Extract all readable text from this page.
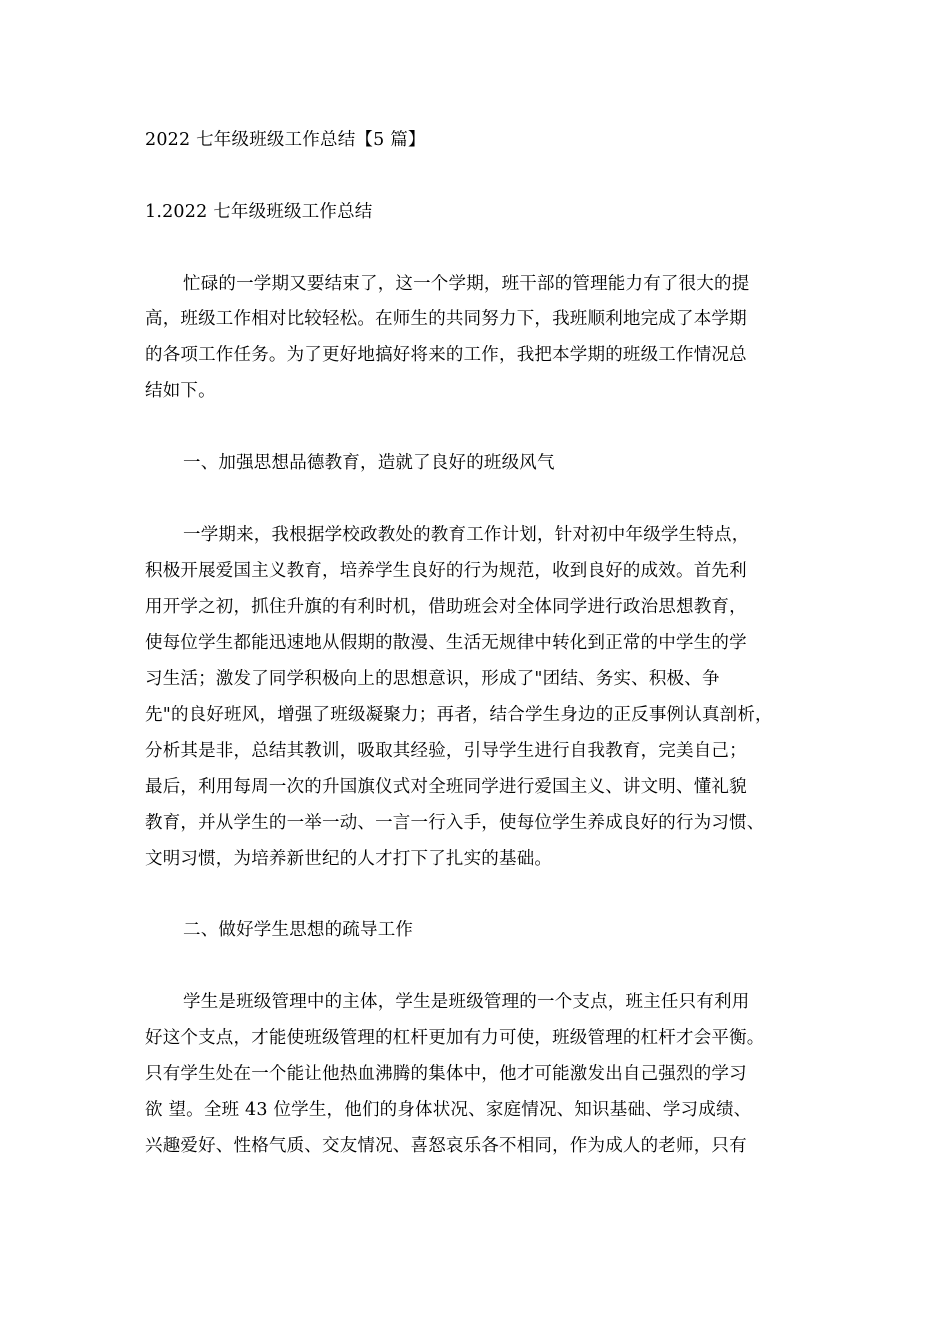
2022 七年级班级工作总结【5 篇】
1.2022 七年级班级工作总结
忙碌的一学期又要结束了，这一个学期，班干部的管理能力有了很大的提
高，班级工作相对比较轻松。在师生的共同努力下，我班顺利地完成了本学期
的各项工作任务。为了更好地搞好将来的工作，我把本学期的班级工作情况总
结如下。
一、加强思想品德教育，造就了良好的班级风气
一学期来，我根据学校政教处的教育工作计划，针对初中年级学生特点，
积极开展爱国主义教育，培养学生良好的行为规范，收到良好的成效。首先利
用开学之初，抓住升旗的有利时机，借助班会对全体同学进行政治思想教育，
使每位学生都能迅速地从假期的散漫、生活无规律中转化到正常的中学生的学
习生活；激发了同学积极向上的思想意识，形成了"团结、务实、积极、争
先"的良好班风，增强了班级凝聚力；再者，结合学生身边的正反事例认真剖析，
分析其是非，总结其教训，吸取其经验，引导学生进行自我教育，完美自己；
最后，利用每周一次的升国旗仪式对全班同学进行爱国主义、讲文明、懂礼貌
教育，并从学生的一举一动、一言一行入手，使每位学生养成良好的行为习惯、
文明习惯，为培养新世纪的人才打下了扎实的基础。
二、做好学生思想的疏导工作
学生是班级管理中的主体，学生是班级管理的一个支点，班主任只有利用
好这个支点，才能使班级管理的杠杆更加有力可使，班级管理的杠杆才会平衡。
只有学生处在一个能让他热血沸腾的集体中，他才可能激发出自己强烈的学习
欲 望。全班 43 位学生，他们的身体状况、家庭情况、知识基础、学习成绩、
兴趣爱好、性格气质、交友情况、喜怒哀乐各不相同，作为成人的老师，只有
